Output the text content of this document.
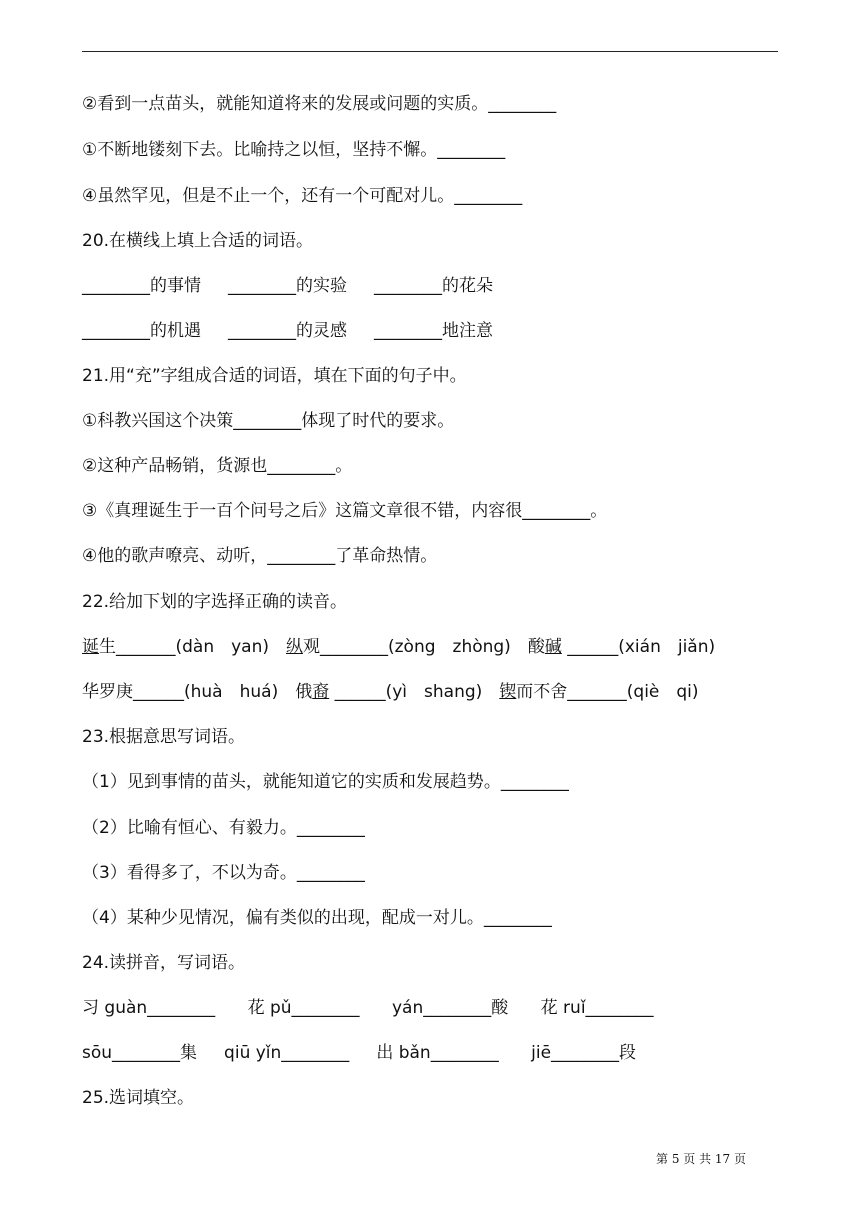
②看到一点苗头，就能知道将来的发展或问题的实质。________
①不断地镂刻下去。比喻持之以恒，坚持不懈。________
④虽然罕见，但是不止一个，还有一个可配对儿。________
20.在横线上填上合适的词语。
________的事情     ________的实验     ________的花朵
________的机遇     ________的灵感     ________地注意
21.用“充”字组成合适的词语，填在下面的句子中。
①科教兴国这个决策________体现了时代的要求。
②这种产品畅销，货源也________。
③《真理诞生于一百个问号之后》这篇文章很不错，内容很________。
④他的歌声嘹亮、动听，________了革命热情。
22.给加下划的字选择正确的读音。
诞生_______(dàn　yan)　纵观________(zòng　zhòng)　酸碱 ______(xián　jiǎn)
华罗庚______(huà　huá)　俄裔 ______(yì　shang)　锲而不舍_______(qiè　qi)
23.根据意思写词语。
（1）见到事情的苗头，就能知道它的实质和发展趋势。________
（2）比喻有恒心、有毅力。________
（3）看得多了，不以为奇。________
（4）某种少见情况，偏有类似的出现，配成一对儿。________
24.读拼音，写词语。
习 guàn________      花 pǔ________      yán________酸      花 ruǐ________
sōu________集     qiū yǐn________     出 bǎn________      jiē________段
25.选词填空。
第 5 页 共 17 页
